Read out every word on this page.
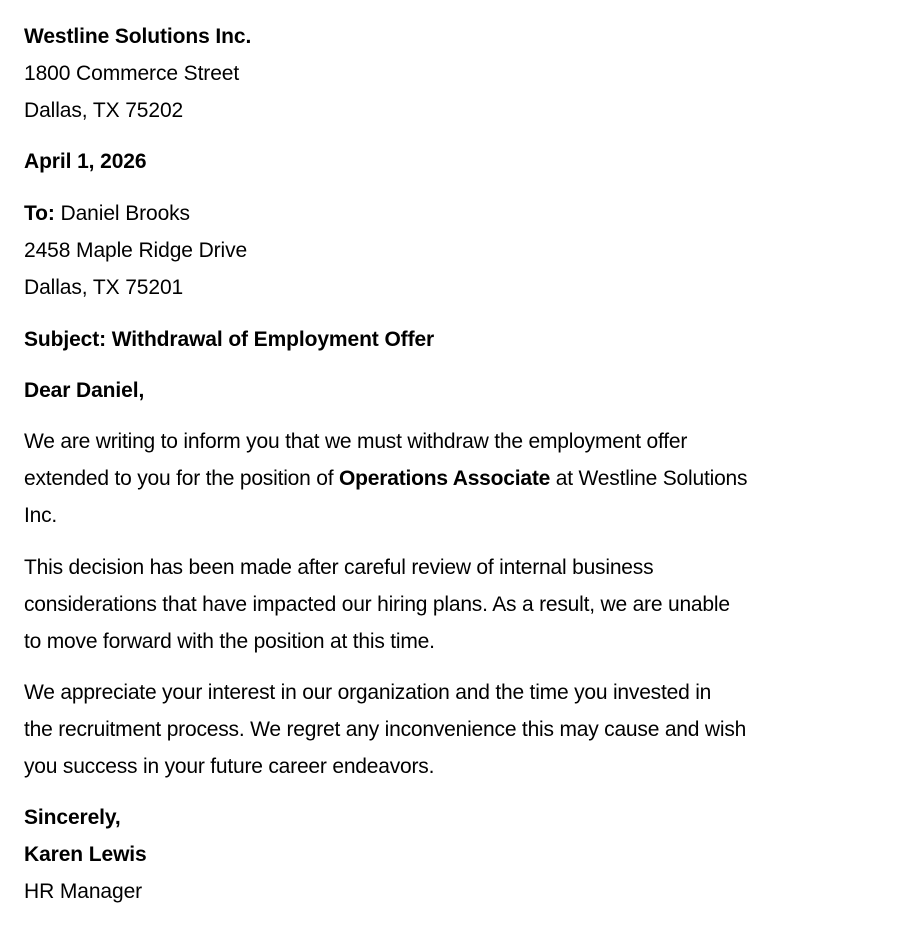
Westline Solutions Inc.
1800 Commerce Street
Dallas, TX 75202
April 1, 2026
To: Daniel Brooks
2458 Maple Ridge Drive
Dallas, TX 75201
Subject: Withdrawal of Employment Offer
Dear Daniel,
We are writing to inform you that we must withdraw the employment offer
extended to you for the position of Operations Associate at Westline Solutions
Inc.
This decision has been made after careful review of internal business
considerations that have impacted our hiring plans. As a result, we are unable
to move forward with the position at this time.
We appreciate your interest in our organization and the time you invested in
the recruitment process. We regret any inconvenience this may cause and wish
you success in your future career endeavors.
Sincerely,
Karen Lewis
HR Manager
